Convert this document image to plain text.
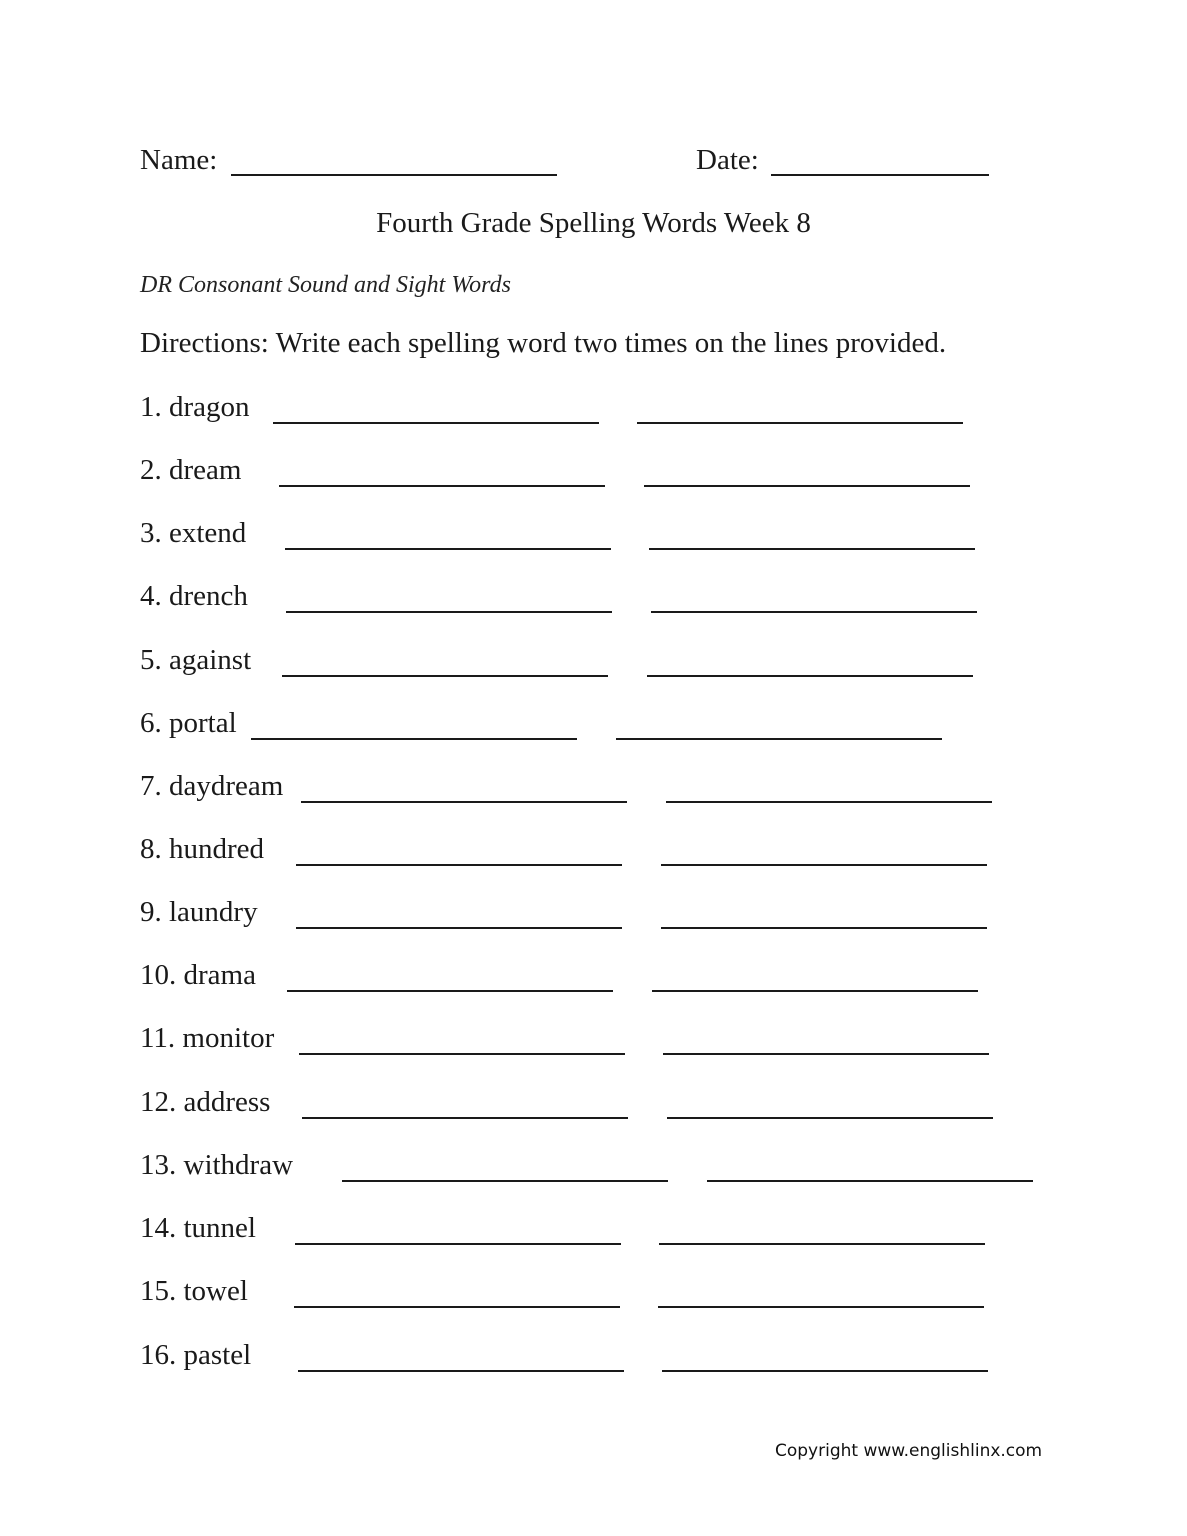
Name:	Date:
Fourth Grade Spelling Words Week 8
DR Consonant Sound and Sight Words
Directions: Write each spelling word two times on the lines provided.
1. dragon
2. dream
3. extend
4. drench
5. against
6. portal
7. daydream
8. hundred
9. laundry
10. drama
11. monitor
12. address
13. withdraw
14. tunnel
15. towel
16. pastel
Copyright www.englishlinx.com
